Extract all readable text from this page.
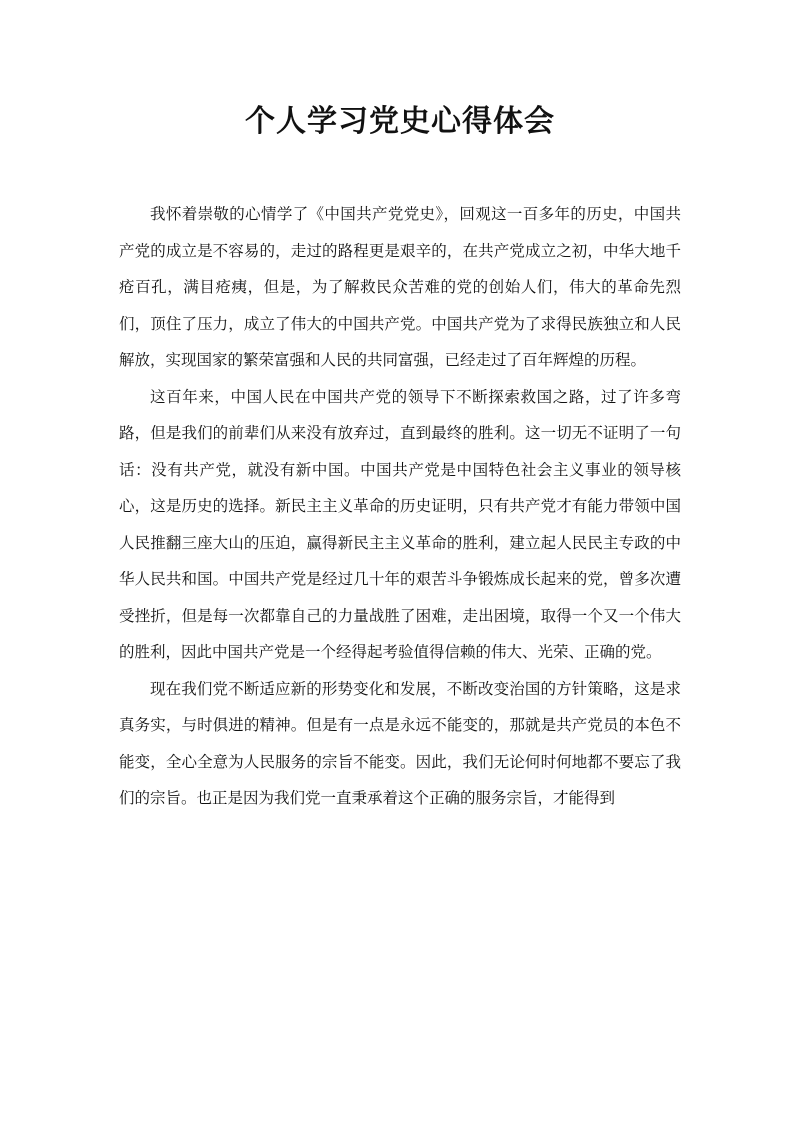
个人学习党史心得体会

我怀着崇敬的心情学了《中国共产党党史》，回观这一百多年的历史，中国共产党的成立是不容易的，走过的路程更是艰辛的，在共产党成立之初，中华大地千疮百孔，满目疮痍，但是，为了解救民众苦难的党的创始人们，伟大的革命先烈们，顶住了压力，成立了伟大的中国共产党。中国共产党为了求得民族独立和人民解放，实现国家的繁荣富强和人民的共同富强，已经走过了百年辉煌的历程。

这百年来，中国人民在中国共产党的领导下不断探索救国之路，过了许多弯路，但是我们的前辈们从来没有放弃过，直到最终的胜利。这一切无不证明了一句话：没有共产党，就没有新中国。中国共产党是中国特色社会主义事业的领导核心，这是历史的选择。新民主主义革命的历史证明，只有共产党才有能力带领中国人民推翻三座大山的压迫，赢得新民主主义革命的胜利，建立起人民民主专政的中华人民共和国。中国共产党是经过几十年的艰苦斗争锻炼成长起来的党，曾多次遭受挫折，但是每一次都靠自己的力量战胜了困难，走出困境，取得一个又一个伟大的胜利，因此中国共产党是一个经得起考验值得信赖的伟大、光荣、正确的党。

现在我们党不断适应新的形势变化和发展，不断改变治国的方针策略，这是求真务实，与时俱进的精神。但是有一点是永远不能变的，那就是共产党员的本色不能变，全心全意为人民服务的宗旨不能变。因此，我们无论何时何地都不要忘了我们的宗旨。也正是因为我们党一直秉承着这个正确的服务宗旨，才能得到
